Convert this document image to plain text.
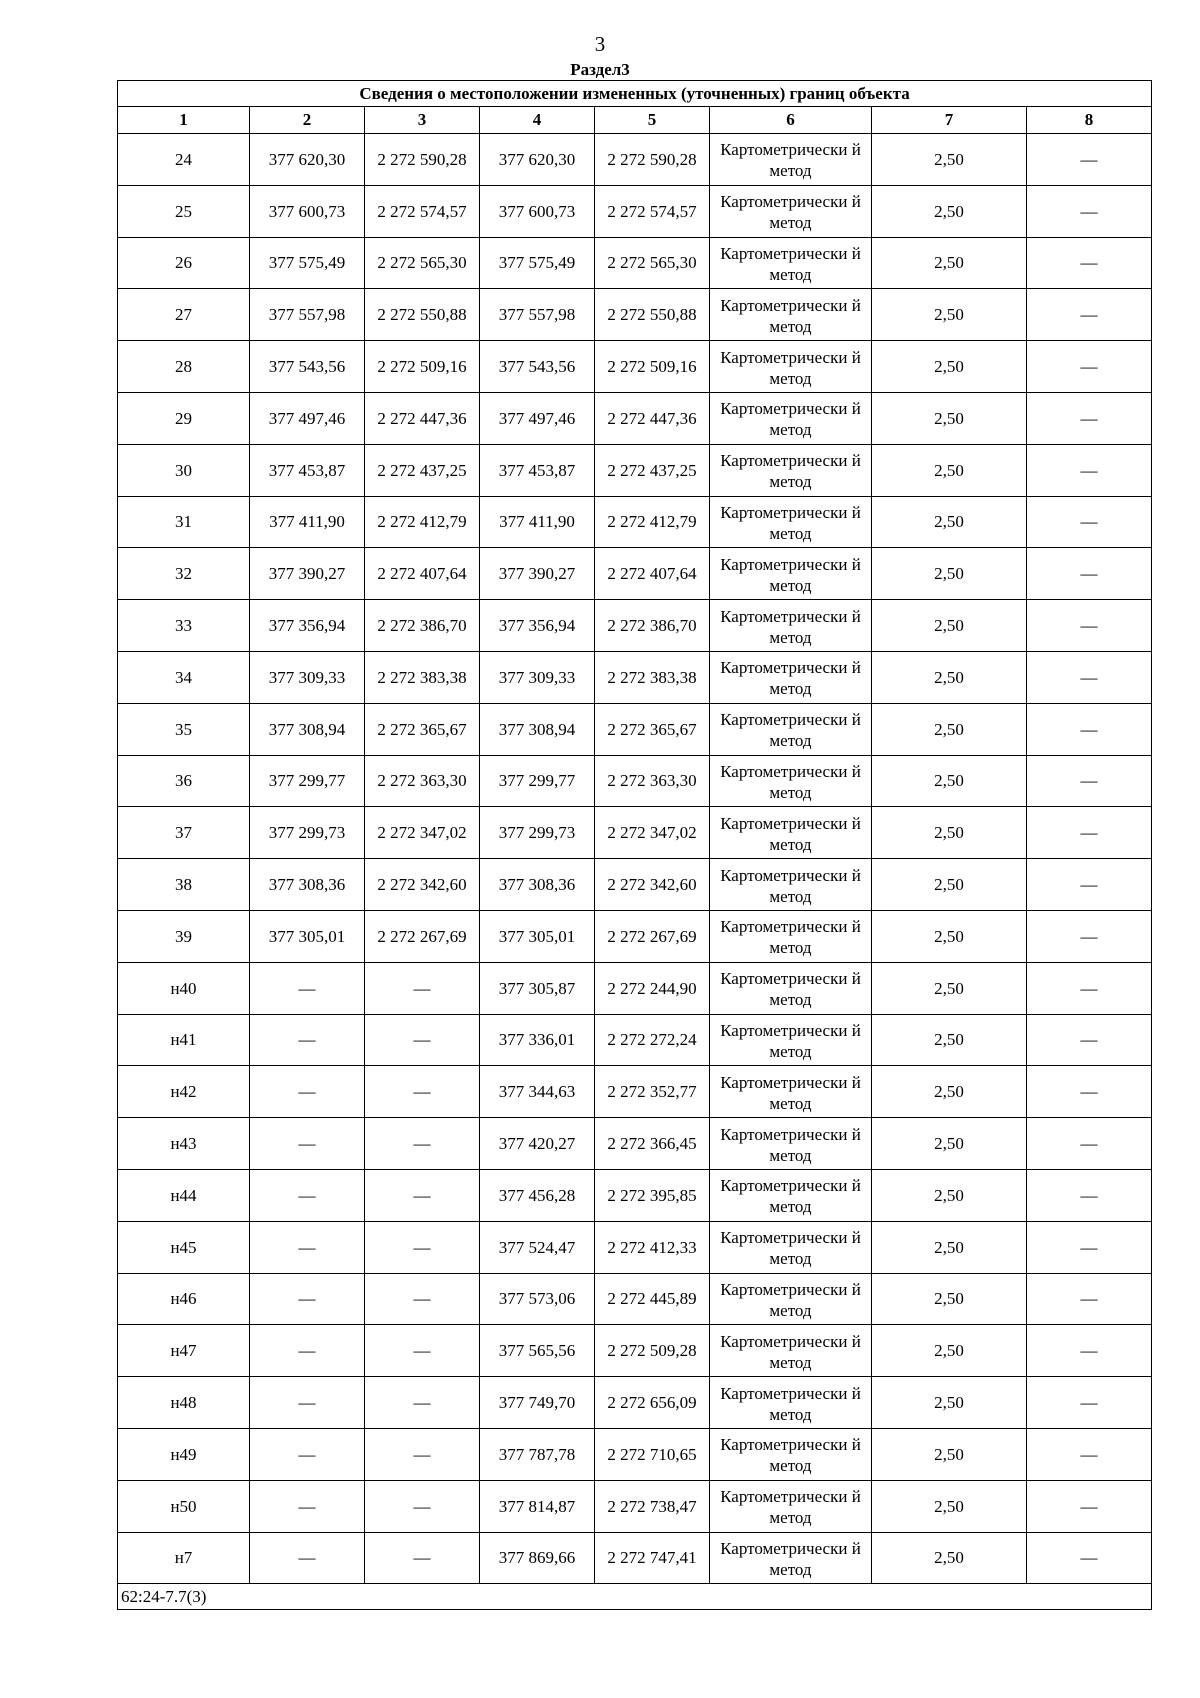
3
Раздел3
Сведения о местоположении измененных (уточненных) границ объекта							
1	2	3	4	5	6	7	8
24	377 620,30	2 272 590,28	377 620,30	2 272 590,28	Картометрически й метод	2,50	—
25	377 600,73	2 272 574,57	377 600,73	2 272 574,57	Картометрически й метод	2,50	—
26	377 575,49	2 272 565,30	377 575,49	2 272 565,30	Картометрически й метод	2,50	—
27	377 557,98	2 272 550,88	377 557,98	2 272 550,88	Картометрически й метод	2,50	—
28	377 543,56	2 272 509,16	377 543,56	2 272 509,16	Картометрически й метод	2,50	—
29	377 497,46	2 272 447,36	377 497,46	2 272 447,36	Картометрически й метод	2,50	—
30	377 453,87	2 272 437,25	377 453,87	2 272 437,25	Картометрически й метод	2,50	—
31	377 411,90	2 272 412,79	377 411,90	2 272 412,79	Картометрически й метод	2,50	—
32	377 390,27	2 272 407,64	377 390,27	2 272 407,64	Картометрически й метод	2,50	—
33	377 356,94	2 272 386,70	377 356,94	2 272 386,70	Картометрически й метод	2,50	—
34	377 309,33	2 272 383,38	377 309,33	2 272 383,38	Картометрически й метод	2,50	—
35	377 308,94	2 272 365,67	377 308,94	2 272 365,67	Картометрически й метод	2,50	—
36	377 299,77	2 272 363,30	377 299,77	2 272 363,30	Картометрически й метод	2,50	—
37	377 299,73	2 272 347,02	377 299,73	2 272 347,02	Картометрически й метод	2,50	—
38	377 308,36	2 272 342,60	377 308,36	2 272 342,60	Картометрически й метод	2,50	—
39	377 305,01	2 272 267,69	377 305,01	2 272 267,69	Картометрически й метод	2,50	—
н40	—	—	377 305,87	2 272 244,90	Картометрически й метод	2,50	—
н41	—	—	377 336,01	2 272 272,24	Картометрически й метод	2,50	—
н42	—	—	377 344,63	2 272 352,77	Картометрически й метод	2,50	—
н43	—	—	377 420,27	2 272 366,45	Картометрически й метод	2,50	—
н44	—	—	377 456,28	2 272 395,85	Картометрически й метод	2,50	—
н45	—	—	377 524,47	2 272 412,33	Картометрически й метод	2,50	—
н46	—	—	377 573,06	2 272 445,89	Картометрически й метод	2,50	—
н47	—	—	377 565,56	2 272 509,28	Картометрически й метод	2,50	—
н48	—	—	377 749,70	2 272 656,09	Картометрически й метод	2,50	—
н49	—	—	377 787,78	2 272 710,65	Картометрически й метод	2,50	—
н50	—	—	377 814,87	2 272 738,47	Картометрически й метод	2,50	—
н7	—	—	377 869,66	2 272 747,41	Картометрически й метод	2,50	—
62:24-7.7(3)							
